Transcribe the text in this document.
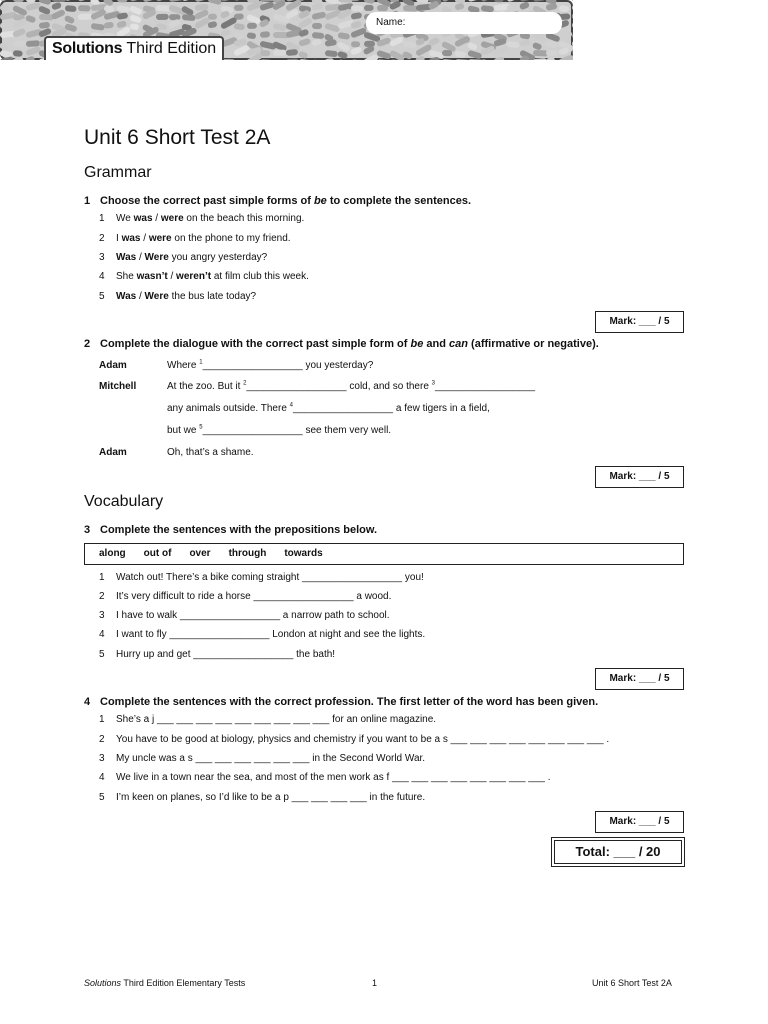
Solutions Third Edition
Name:
Unit 6 Short Test 2A
Grammar
1 Choose the correct past simple forms of be to complete the sentences.
1 We was / were on the beach this morning.
2 I was / were on the phone to my friend.
3 Was / Were you angry yesterday?
4 She wasn’t / weren’t at film club this week.
5 Was / Were the bus late today?
Mark: ___ / 5
2 Complete the dialogue with the correct past simple form of be and can (affirmative or negative).
Adam	Where $^1$__________________ you yesterday?
Mitchell	At the zoo. But it $^2$__________________ cold, and so there $^3$__________________
any animals outside. There $^4$__________________ a few tigers in a field,
but we $^5$__________________ see them very well.
Adam	Oh, that’s a shame.
Mark: ___ / 5
Vocabulary
3 Complete the sentences with the prepositions below.
along out of over through towards
1 Watch out! There’s a bike coming straight __________________ you!
2 It’s very difficult to ride a horse __________________ a wood.
3 I have to walk __________________ a narrow path to school.
4 I want to fly __________________ London at night and see the lights.
5 Hurry up and get __________________ the bath!
Mark: ___ / 5
4 Complete the sentences with the correct profession. The first letter of the word has been given.
1 She’s a j ___ ___ ___ ___ ___ ___ ___ ___ ___ for an online magazine.
2 You have to be good at biology, physics and chemistry if you want to be a s ___ ___ ___ ___ ___ ___ ___ ___ .
3 My uncle was a s ___ ___ ___ ___ ___ ___ in the Second World War.
4 We live in a town near the sea, and most of the men work as f ___ ___ ___ ___ ___ ___ ___ ___ .
5 I’m keen on planes, so I’d like to be a p ___ ___ ___ ___ in the future.
Mark: ___ / 5
Total: ___ / 20
Solutions Third Edition Elementary Tests	1	Unit 6 Short Test 2A
